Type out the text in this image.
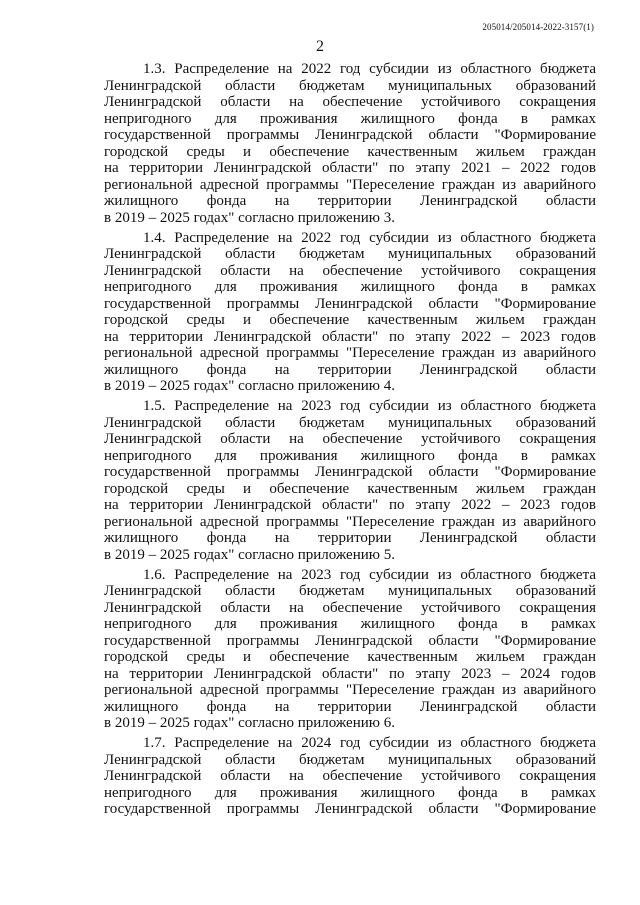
205014/205014-2022-3157(1)
2
1.3. Распределение на 2022 год субсидии из областного бюджета
Ленинградской области бюджетам муниципальных образований
Ленинградской области на обеспечение устойчивого сокращения
непригодного для проживания жилищного фонда в рамках
государственной программы Ленинградской области "Формирование
городской среды и обеспечение качественным жильем граждан
на территории Ленинградской области" по этапу 2021 – 2022 годов
региональной адресной программы "Переселение граждан из аварийного
жилищного фонда на территории Ленинградской области
в 2019 – 2025 годах" согласно приложению 3.
1.4. Распределение на 2022 год субсидии из областного бюджета
Ленинградской области бюджетам муниципальных образований
Ленинградской области на обеспечение устойчивого сокращения
непригодного для проживания жилищного фонда в рамках
государственной программы Ленинградской области "Формирование
городской среды и обеспечение качественным жильем граждан
на территории Ленинградской области" по этапу 2022 – 2023 годов
региональной адресной программы "Переселение граждан из аварийного
жилищного фонда на территории Ленинградской области
в 2019 – 2025 годах" согласно приложению 4.
1.5. Распределение на 2023 год субсидии из областного бюджета
Ленинградской области бюджетам муниципальных образований
Ленинградской области на обеспечение устойчивого сокращения
непригодного для проживания жилищного фонда в рамках
государственной программы Ленинградской области "Формирование
городской среды и обеспечение качественным жильем граждан
на территории Ленинградской области" по этапу 2022 – 2023 годов
региональной адресной программы "Переселение граждан из аварийного
жилищного фонда на территории Ленинградской области
в 2019 – 2025 годах" согласно приложению 5.
1.6. Распределение на 2023 год субсидии из областного бюджета
Ленинградской области бюджетам муниципальных образований
Ленинградской области на обеспечение устойчивого сокращения
непригодного для проживания жилищного фонда в рамках
государственной программы Ленинградской области "Формирование
городской среды и обеспечение качественным жильем граждан
на территории Ленинградской области" по этапу 2023 – 2024 годов
региональной адресной программы "Переселение граждан из аварийного
жилищного фонда на территории Ленинградской области
в 2019 – 2025 годах" согласно приложению 6.
1.7. Распределение на 2024 год субсидии из областного бюджета
Ленинградской области бюджетам муниципальных образований
Ленинградской области на обеспечение устойчивого сокращения
непригодного для проживания жилищного фонда в рамках
государственной программы Ленинградской области "Формирование
